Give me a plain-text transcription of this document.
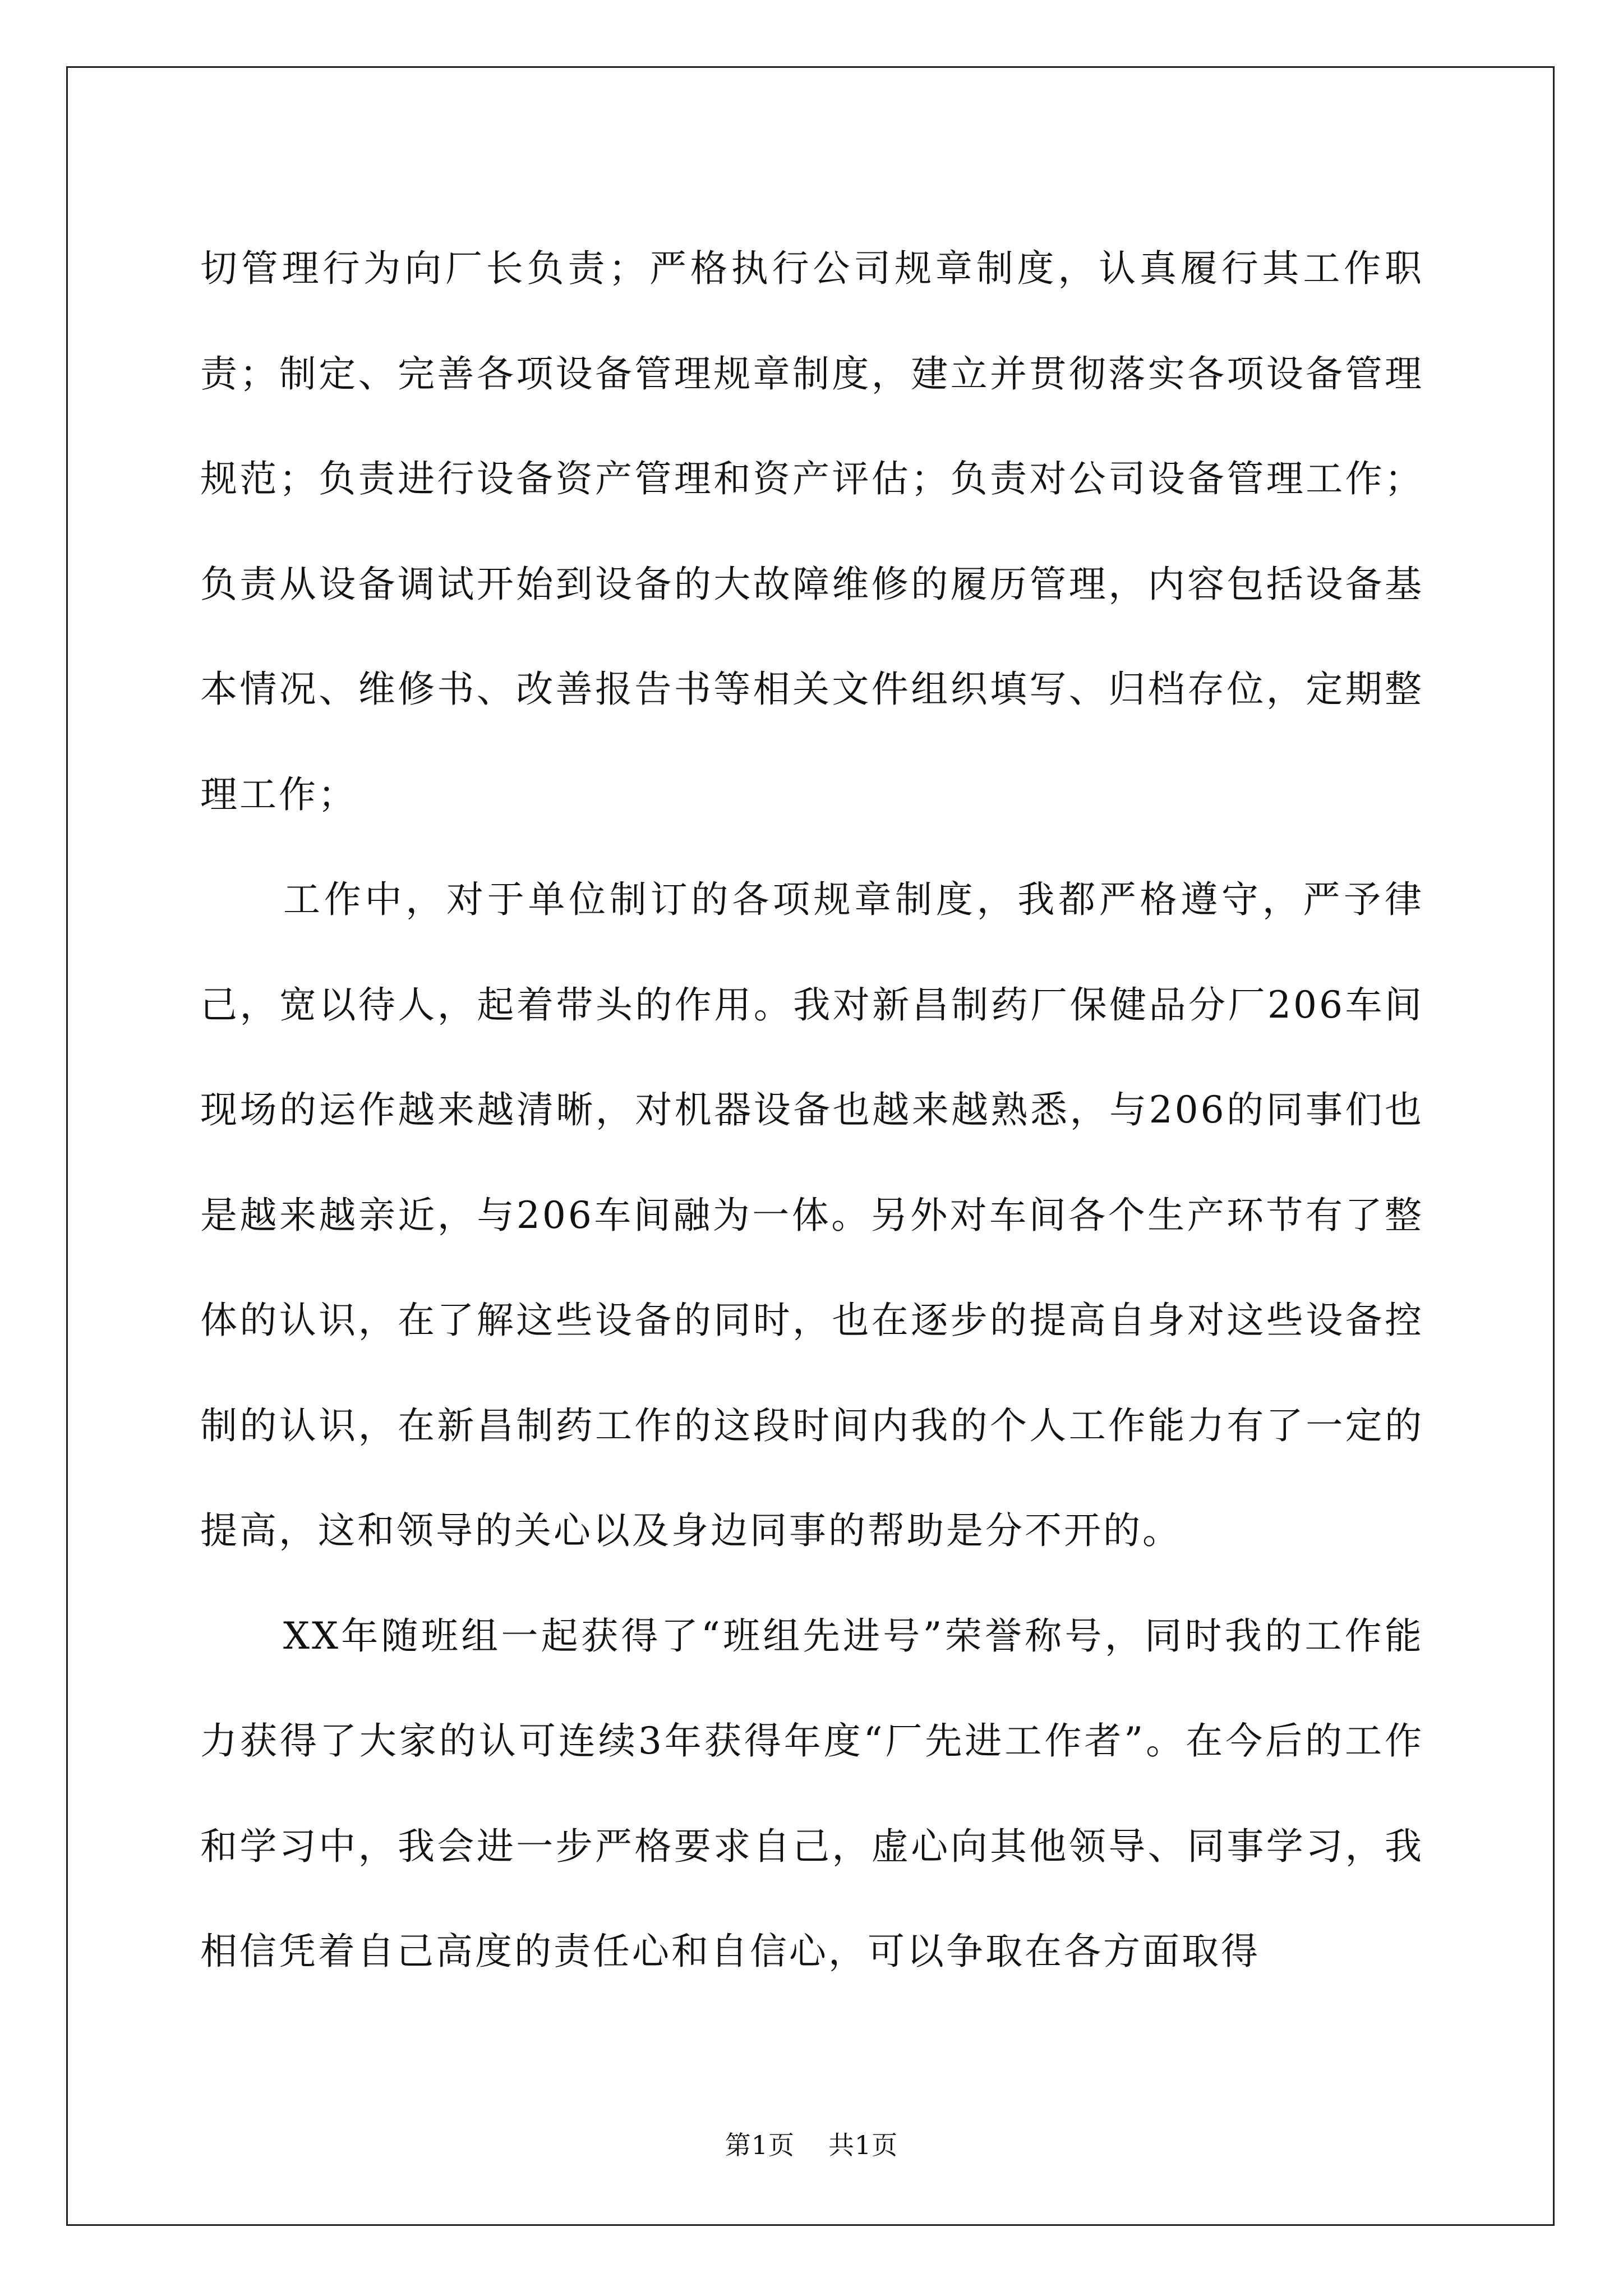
切管理行为向厂长负责；严格执行公司规章制度，认真履行其工作职责；制定、完善各项设备管理规章制度，建立并贯彻落实各项设备管理规范；负责进行设备资产管理和资产评估；负责对公司设备管理工作；负责从设备调试开始到设备的大故障维修的履历管理，内容包括设备基本情况、维修书、改善报告书等相关文件组织填写、归档存位，定期整理工作；

工作中，对于单位制订的各项规章制度，我都严格遵守，严予律己，宽以待人，起着带头的作用。我对新昌制药厂保健品分厂206车间现场的运作越来越清晰，对机器设备也越来越熟悉，与206的同事们也是越来越亲近，与206车间融为一体。另外对车间各个生产环节有了整体的认识，在了解这些设备的同时，也在逐步的提高自身对这些设备控制的认识，在新昌制药工作的这段时间内我的个人工作能力有了一定的提高，这和领导的关心以及身边同事的帮助是分不开的。

XX年随班组一起获得了“班组先进号”荣誉称号，同时我的工作能力获得了大家的认可连续3年获得年度“厂先进工作者”。在今后的工作和学习中，我会进一步严格要求自己，虚心向其他领导、同事学习，我相信凭着自己高度的责任心和自信心，可以争取在各方面取得

第1页 共1页
